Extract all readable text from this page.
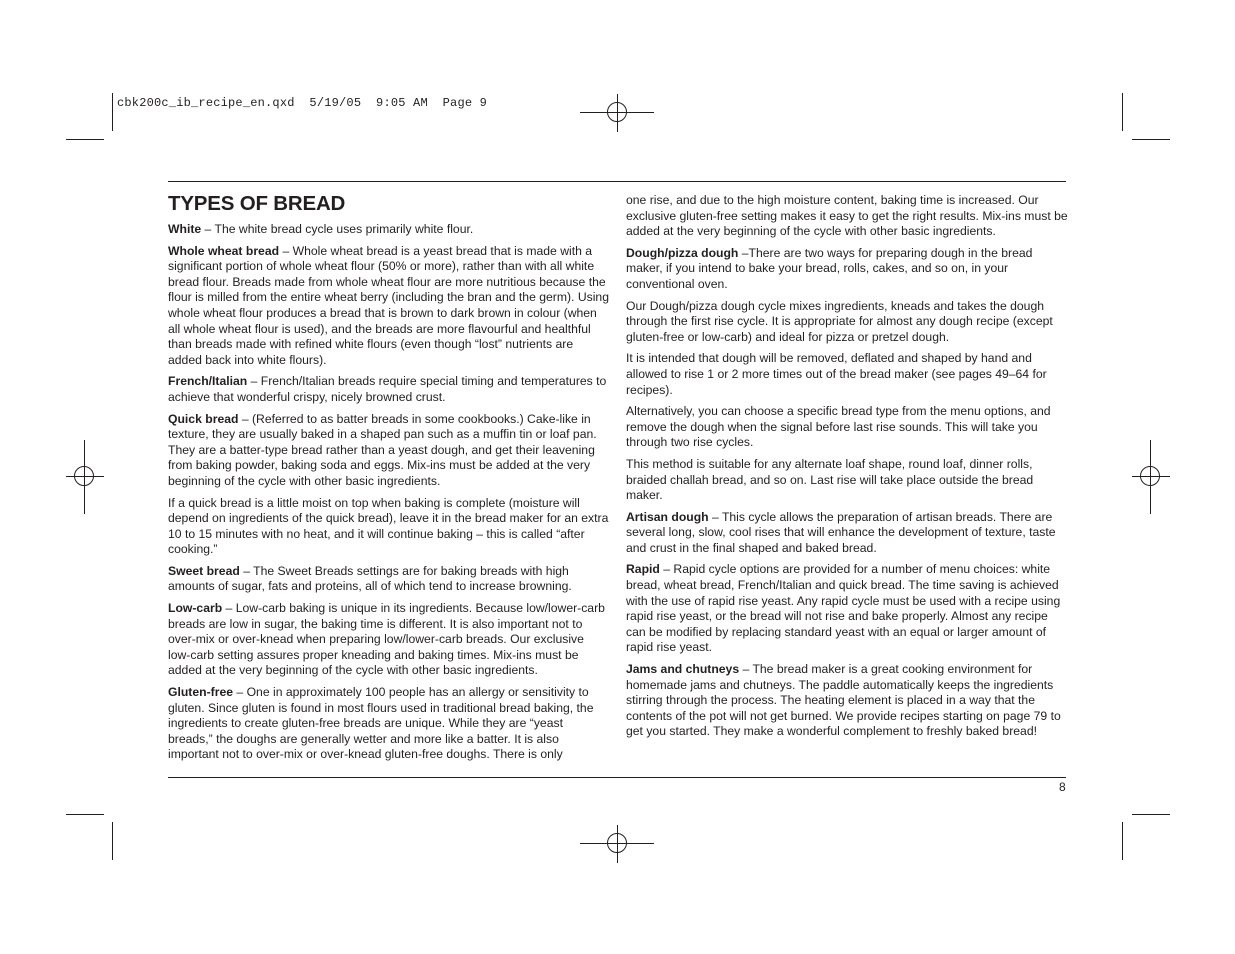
cbk200c_ib_recipe_en.qxd  5/19/05  9:05 AM  Page 9
TYPES OF BREAD

White – The white bread cycle uses primarily white flour.

Whole wheat bread – Whole wheat bread is a yeast bread that is made with a significant portion of whole wheat flour (50% or more), rather than with all white bread flour. Breads made from whole wheat flour are more nutritious because the flour is milled from the entire wheat berry (including the bran and the germ). Using whole wheat flour produces a bread that is brown to dark brown in colour (when all whole wheat flour is used), and the breads are more flavourful and healthful than breads made with refined white flours (even though “lost” nutrients are added back into white flours).

French/Italian – French/Italian breads require special timing and temperatures to achieve that wonderful crispy, nicely browned crust.

Quick bread – (Referred to as batter breads in some cookbooks.) Cake-like in texture, they are usually baked in a shaped pan such as a muffin tin or loaf pan. They are a batter-type bread rather than a yeast dough, and get their leavening from baking powder, baking soda and eggs. Mix-ins must be added at the very beginning of the cycle with other basic ingredients.

If a quick bread is a little moist on top when baking is complete (moisture will depend on ingredients of the quick bread), leave it in the bread maker for an extra 10 to 15 minutes with no heat, and it will continue baking – this is called “after cooking.”

Sweet bread – The Sweet Breads settings are for baking breads with high amounts of sugar, fats and proteins, all of which tend to increase browning.

Low-carb – Low-carb baking is unique in its ingredients. Because low/lower-carb breads are low in sugar, the baking time is different. It is also important not to over-mix or over-knead when preparing low/lower-carb breads. Our exclusive low-carb setting assures proper kneading and baking times. Mix-ins must be added at the very beginning of the cycle with other basic ingredients.

Gluten-free – One in approximately 100 people has an allergy or sensitivity to gluten. Since gluten is found in most flours used in traditional bread baking, the ingredients to create gluten-free breads are unique. While they are “yeast breads,” the doughs are generally wetter and more like a batter. It is also important not to over-mix or over-knead gluten-free doughs. There is only

one rise, and due to the high moisture content, baking time is increased. Our exclusive gluten-free setting makes it easy to get the right results. Mix-ins must be added at the very beginning of the cycle with other basic ingredients.

Dough/pizza dough –There are two ways for preparing dough in the bread maker, if you intend to bake your bread, rolls, cakes, and so on, in your conventional oven.

Our Dough/pizza dough cycle mixes ingredients, kneads and takes the dough through the first rise cycle. It is appropriate for almost any dough recipe (except gluten-free or low-carb) and ideal for pizza or pretzel dough.

It is intended that dough will be removed, deflated and shaped by hand and allowed to rise 1 or 2 more times out of the bread maker (see pages 49–64 for recipes).

Alternatively, you can choose a specific bread type from the menu options, and remove the dough when the signal before last rise sounds. This will take you through two rise cycles.

This method is suitable for any alternate loaf shape, round loaf, dinner rolls, braided challah bread, and so on. Last rise will take place outside the bread maker.

Artisan dough – This cycle allows the preparation of artisan breads. There are several long, slow, cool rises that will enhance the development of texture, taste and crust in the final shaped and baked bread.

Rapid – Rapid cycle options are provided for a number of menu choices: white bread, wheat bread, French/Italian and quick bread. The time saving is achieved with the use of rapid rise yeast. Any rapid cycle must be used with a recipe using rapid rise yeast, or the bread will not rise and bake properly. Almost any recipe can be modified by replacing standard yeast with an equal or larger amount of rapid rise yeast.

Jams and chutneys – The bread maker is a great cooking environment for homemade jams and chutneys. The paddle automatically keeps the ingredients stirring through the process. The heating element is placed in a way that the contents of the pot will not get burned. We provide recipes starting on page 79 to get you started. They make a wonderful complement to freshly baked bread!

8
